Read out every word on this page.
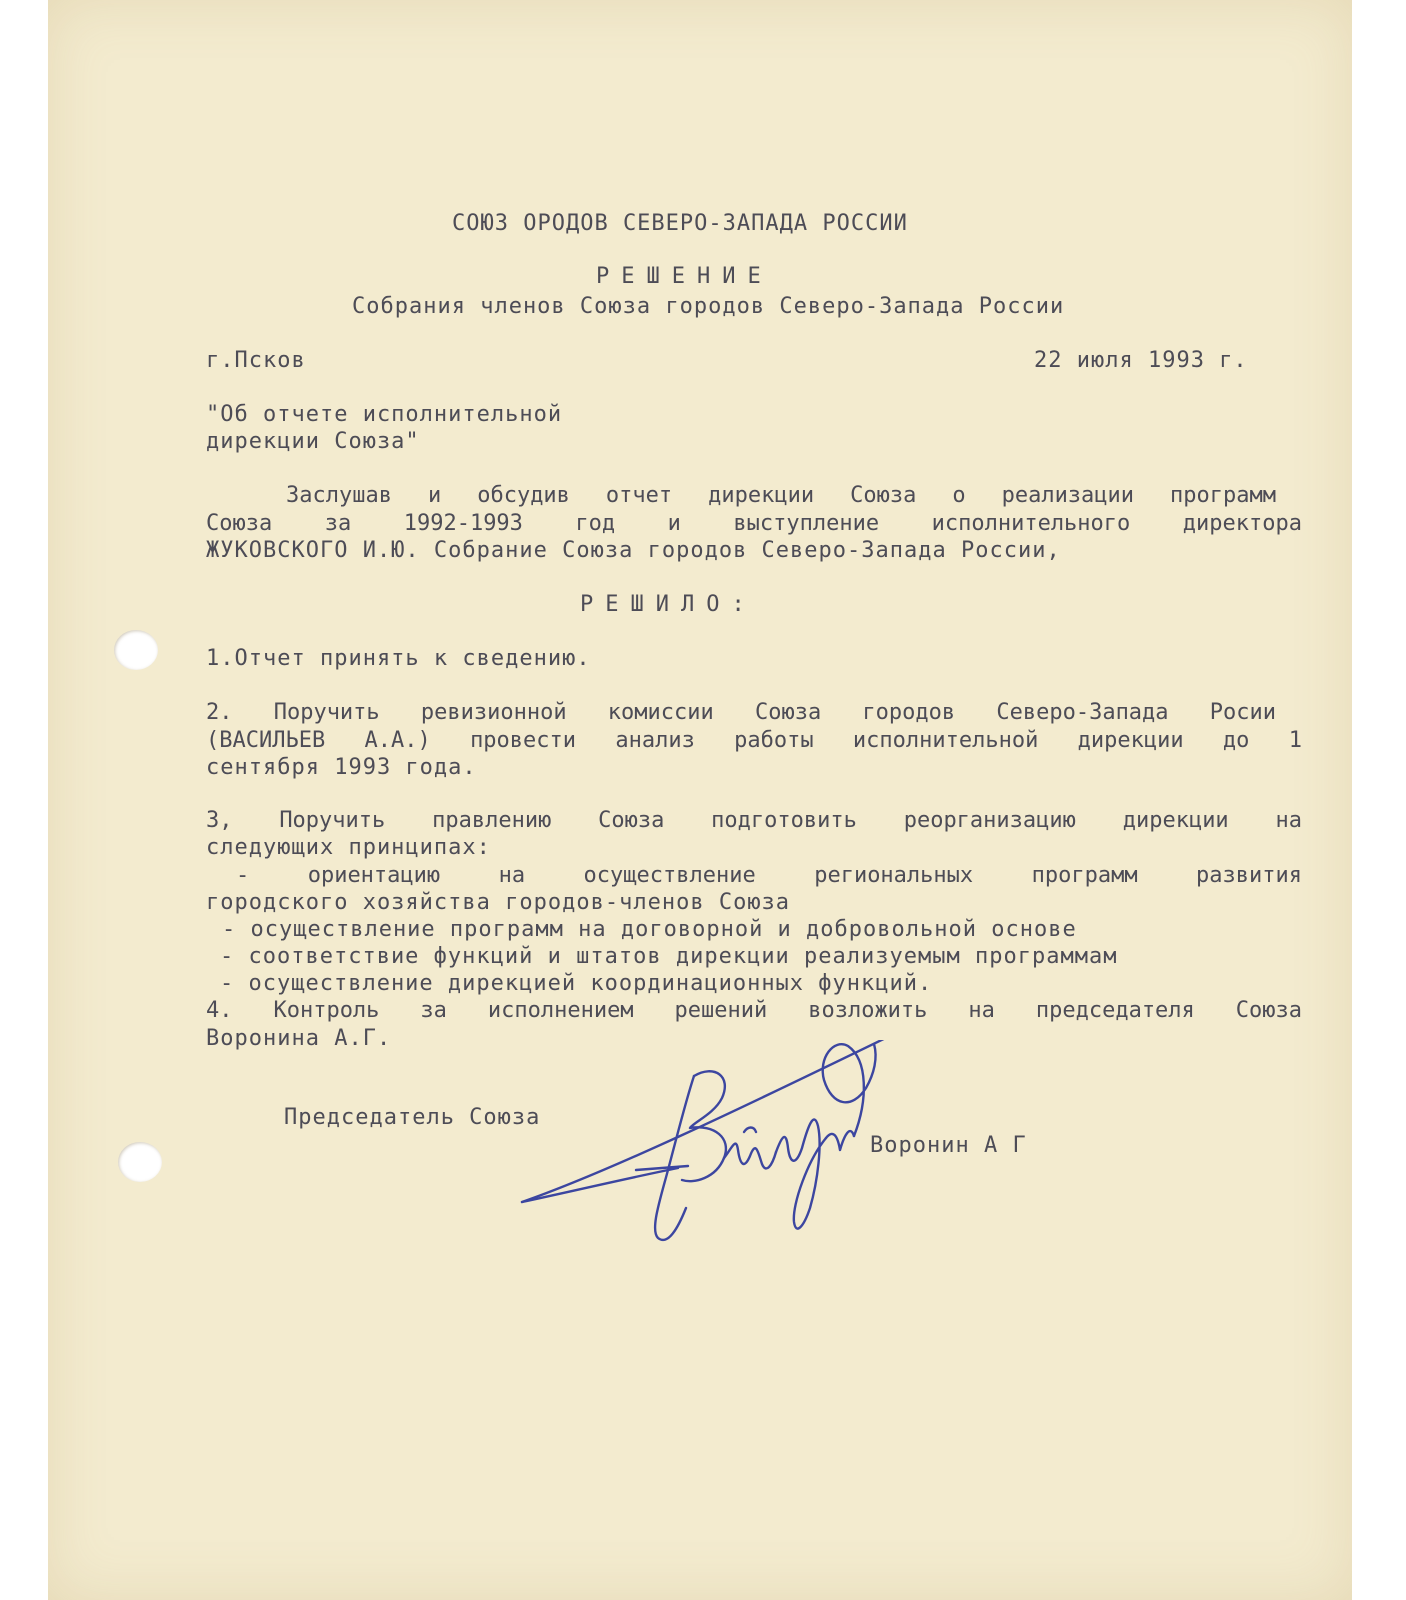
СОЮЗ ОРОДОВ СЕВЕРО-ЗАПАДА РОССИИ
РЕШЕНИЕ
Собрания членов Союза городов Северо-Запада России
г.Псков	22 июля 1993 г.
"Об отчете исполнительной
дирекции Союза"
Заслушав и обсудив отчет дирекции Союза о реализации программ
Союза за 1992-1993 год и выступление исполнительного директора
ЖУКОВСКОГО И.Ю. Собрание Союза городов Северо-Запада России,
РЕШИЛО:
1.Отчет принять к сведению.
2. Поручить ревизионной комиссии Союза городов Северо-Запада Росии
(ВАСИЛЬЕВ А.А.) провести анализ работы исполнительной дирекции до 1
сентября 1993 года.
3, Поручить правлению Союза подготовить реорганизацию дирекции на
следующих принципах:
- ориентацию на осуществление региональных программ развития
городского хозяйства городов-членов Союза
- осуществление программ на договорной и добровольной основе
- соответствие функций и штатов дирекции реализуемым программам
- осуществление дирекцией координационных функций.
4. Контроль за исполнением решений возложить на председателя Союза
Воронина А.Г.
Председатель Союза
Воронин А Г
